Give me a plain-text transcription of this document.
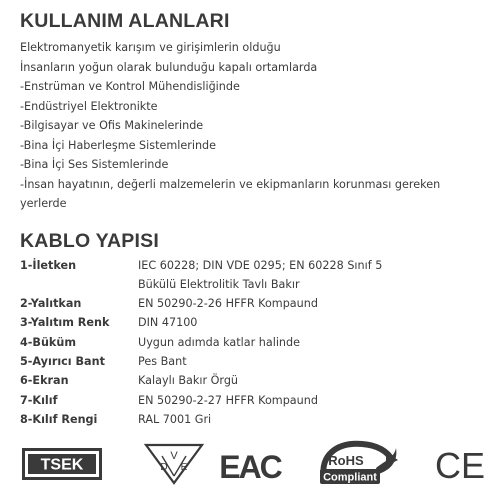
KULLANIM ALANLARI
Elektromanyetik karışım ve girişimlerin olduğu
İnsanların yoğun olarak bulunduğu kapalı ortamlarda
-Enstrüman ve Kontrol Mühendisliğinde
-Endüstriyel Elektronikte
-Bilgisayar ve Ofis Makinelerinde
-Bina İçi Haberleşme Sistemlerinde
-Bina İçi Ses Sistemlerinde
-İnsan hayatının, değerli malzemelerin ve ekipmanların korunması gereken
yerlerde
KABLO YAPISI
1-İletken	IEC 60228; DIN VDE 0295; EN 60228 Sınıf 5
Bükülü Elektrolitik Tavlı Bakır

2-Yalıtkan	EN 50290-2-26 HFFR Kompaund
3-Yalıtım Renk	DIN 47100
4-Büküm	Uygun adımda katlar halinde
5-Ayırıcı Bant	Pes Bant
6-Ekran	Kalaylı Bakır Örgü
7-Kılıf	EN 50290-2-27 HFFR Kompaund
8-Kılıf Rengi	RAL 7001 Gri
TSEK
V
D E EAC	RoHS
Compliant CE
